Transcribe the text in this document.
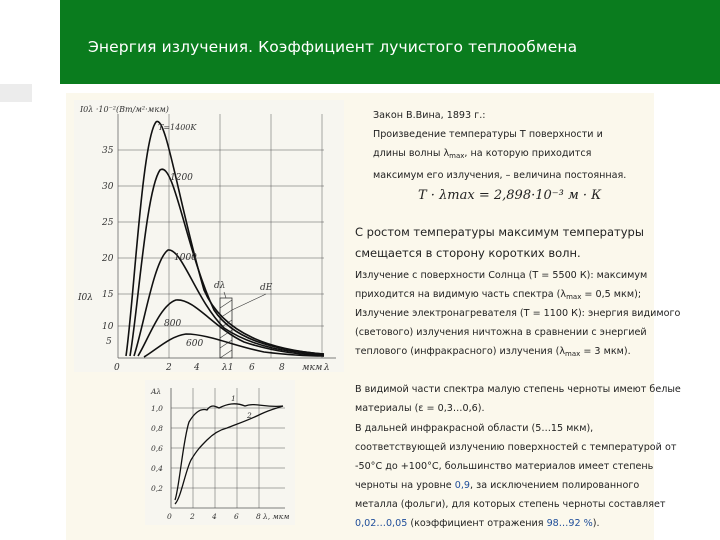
Энергия излучения. Коэффициент лучистого теплообмена
35
30
25
20
15
10
5
0	2 4 λ1 6	8 мкм λ
I0λ ·10⁻²(Вт/м²·мкм)
I0λ
T=1400K
1200
1000
800
600
dλ	dE
1,0
0,8
0,6
0,4
0,2
Aλ
0 2 4 6 8 λ, мкм
1
2
Закон В.Вина, 1893 г.:
Произведение температуры Т поверхности и
длины волны $\lambda_{max}$, на которую приходится
максимум его излучения, – величина постоянная.
T · λmax = 2,898·10⁻³ м · К
С ростом температуры максимум температуры
смещается в сторону коротких волн.
Излучение с поверхности Солнца (Т = 5500 К): максимум
приходится на видимую часть спектра ($\lambda_{max} = 0,5$ мкм);
Излучение электронагревателя (Т = 1100 К): энергия видимого
(светового) излучения ничтожна в сравнении с энергией
теплового (инфракрасного) излучения ($\lambda_{max} = 3$ мкм).
В видимой части спектра малую степень черноты имеют белые
материалы (ε = 0,3…0,6).
В дальней инфракрасной области (5…15 мкм),
соответствующей излучению поверхностей с температурой от
-50°С до +100°С, большинство материалов имеет степень
черноты на уровне 0,9, за исключением полированного
металла (фольги), для которых степень черноты составляет
0,02…0,05 (коэффициент отражения 98…92 %).
